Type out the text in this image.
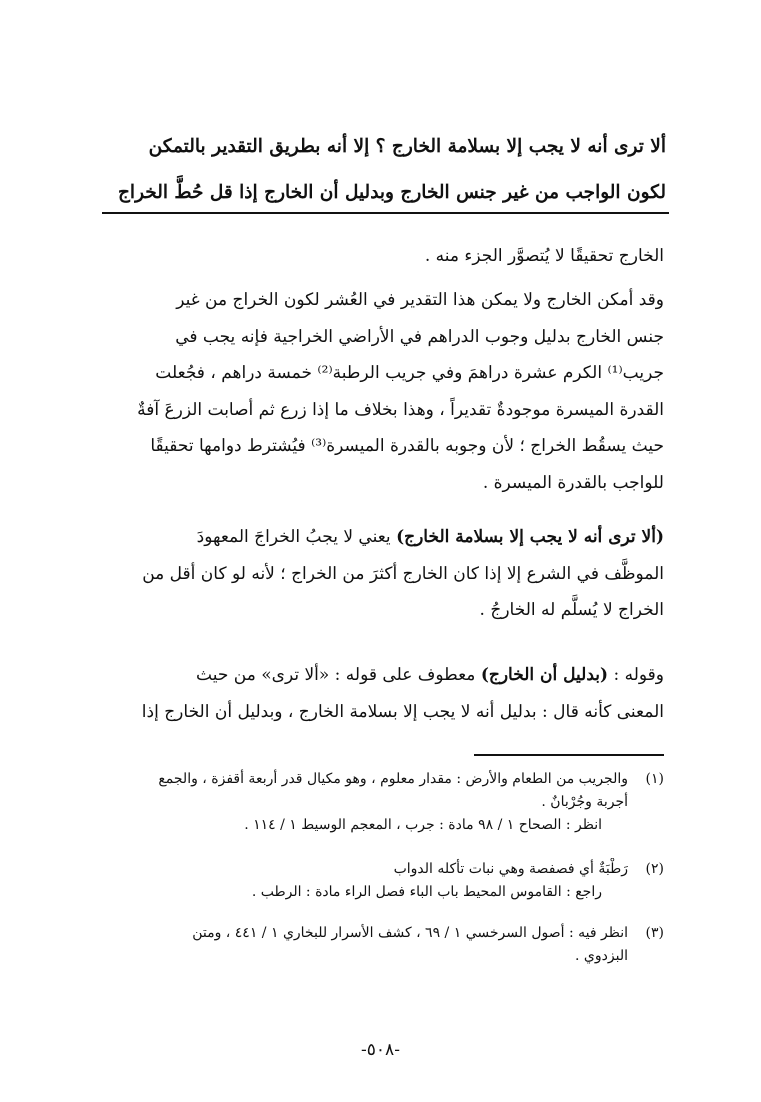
ألا ترى أنه لا يجب إلا بسلامة الخارج ؟ إلا أنه بطريق التقدير بالتمكن
لكون الواجب من غير جنس الخارج وبدليل أن الخارج إذا قل حُطَّ الخراج
الخارج تحقيقًا لا يُتصوَّر الجزء منه .
وقد أمكن الخارج ولا يمكن هذا التقدير في العُشر لكون الخراج من غير
جنس الخارج بدليل وجوب الدراهم في الأراضي الخراجية فإنه يجب في
جريب⁽¹⁾ الكرم عشرة دراهمَ وفي جريب الرطبة⁽²⁾ خمسة دراهم ، فجُعلت
القدرة الميسرة موجودةٌ تقديراً ، وهذا بخلاف ما إذا زرع ثم أصابت الزرعَ آفةٌ
حيث يسقُط الخراج ؛ لأن وجوبه بالقدرة الميسرة⁽³⁾ فيُشترط دوامها تحقيقًا
للواجب بالقدرة الميسرة .
(ألا ترى أنه لا يجب إلا بسلامة الخارج) يعني لا يجبُ الخراجَ المعهودَ
الموظَّف في الشرع إلا إذا كان الخارج أكثرَ من الخراج ؛ لأنه لو كان أقل من
الخراج لا يُسلَّم له الخارجُ .
وقوله : (بدليل أن الخارج) معطوف على قوله : «ألا ترى» من حيث
المعنى كأنه قال : بدليل أنه لا يجب إلا بسلامة الخارج ، وبدليل أن الخارج إذا
(١)
والجريب من الطعام والأرض : مقدار معلوم ، وهو مكيال قدر أربعة أقفزة ، والجمع
أجربة وجُرْبانٌ .
انظر : الصحاح ١ / ٩٨ مادة : جرب ، المعجم الوسيط ١ / ١١٤ .
(٢)
رَطْبَةٌ أي فصفصة وهي نبات تأكله الدواب
راجع : القاموس المحيط باب الباء فصل الراء مادة : الرطب .
(٣)
انظر فيه : أصول السرخسي ١ / ٦٩ ، كشف الأسرار للبخاري ١ / ٤٤١ ، ومتن
البزدوي .
-٥٠٨-
